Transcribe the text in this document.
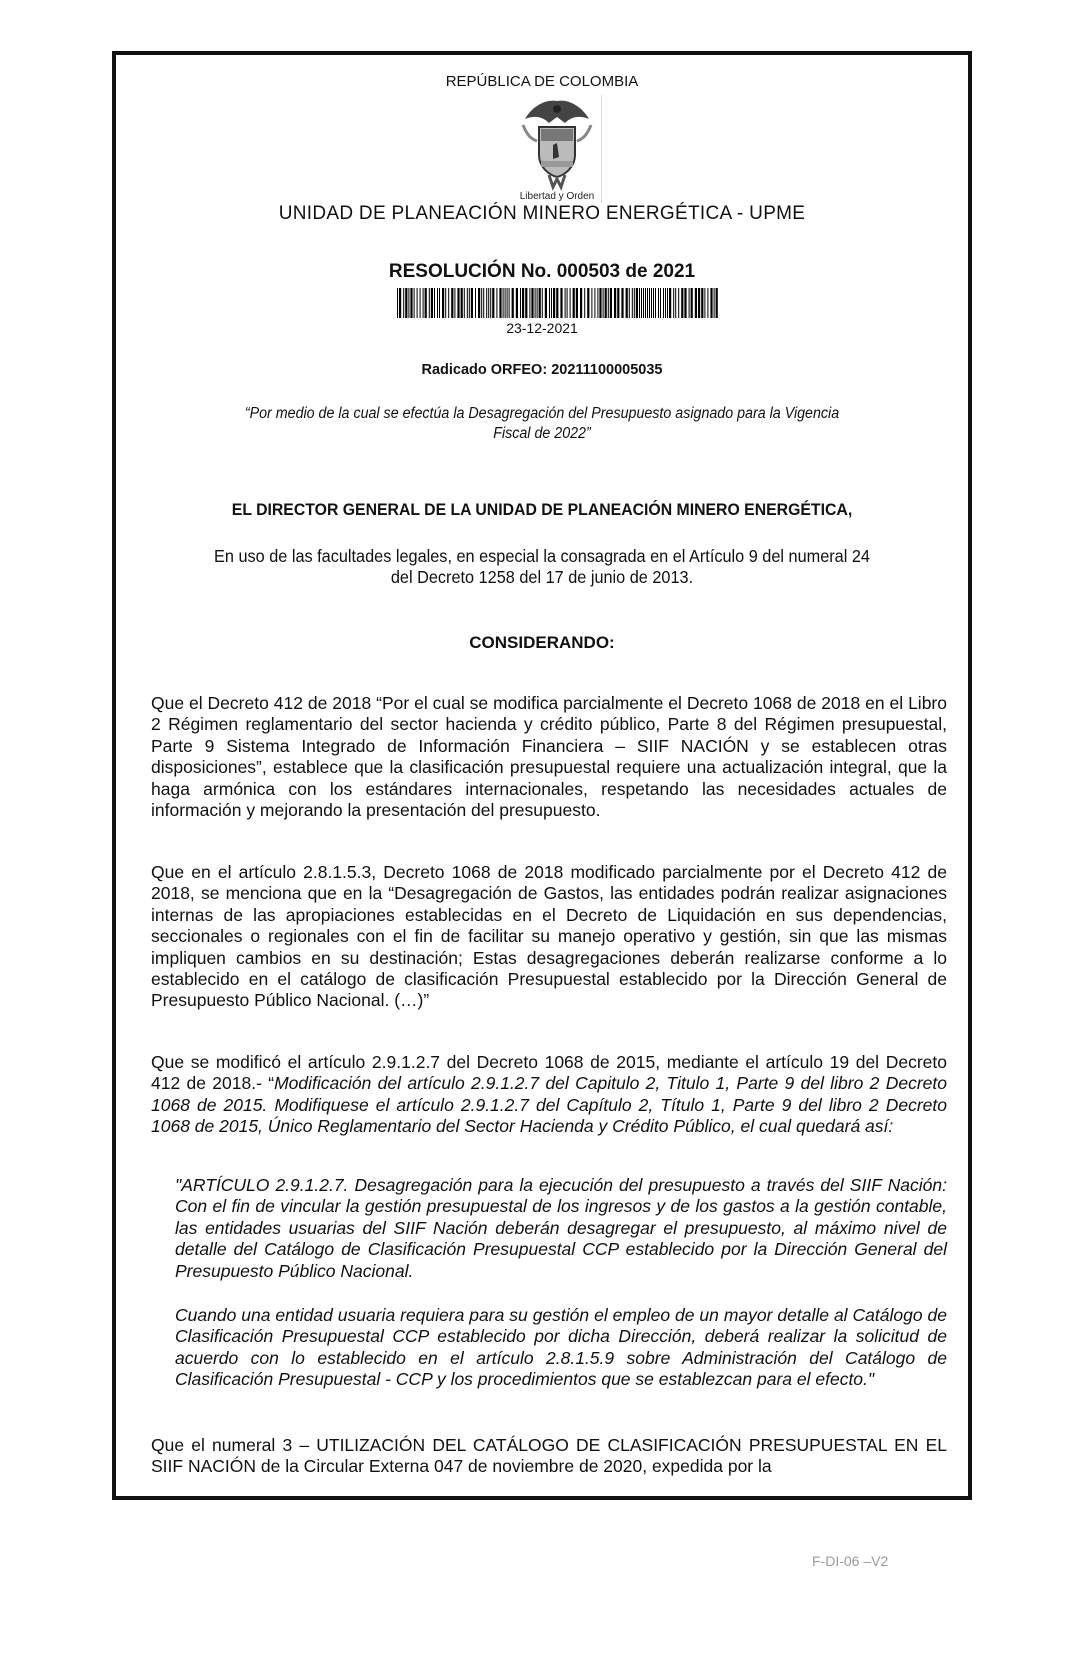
REPÚBLICA DE COLOMBIA
Libertad y Orden
UNIDAD DE PLANEACIÓN MINERO ENERGÉTICA - UPME
RESOLUCIÓN No. 000503 de 2021
23-12-2021
Radicado ORFEO: 20211100005035
“Por medio de la cual se efectúa la Desagregación del Presupuesto asignado para la Vigencia
Fiscal de 2022”
EL DIRECTOR GENERAL DE LA UNIDAD DE PLANEACIÓN MINERO ENERGÉTICA,
En uso de las facultades legales, en especial la consagrada en el Artículo 9 del numeral 24
del Decreto 1258 del 17 de junio de 2013.
CONSIDERANDO:
Que el Decreto 412 de 2018 “Por el cual se modifica parcialmente el Decreto 1068 de 2018 en el Libro 2 Régimen reglamentario del sector hacienda y crédito público, Parte 8 del Régimen presupuestal, Parte 9 Sistema Integrado de Información Financiera – SIIF NACIÓN y se establecen otras disposiciones”, establece que la clasificación presupuestal requiere una actualización integral, que la haga armónica con los estándares internacionales, respetando las necesidades actuales de información y mejorando la presentación del presupuesto.
Que en el artículo 2.8.1.5.3, Decreto 1068 de 2018 modificado parcialmente por el Decreto 412 de 2018, se menciona que en la “Desagregación de Gastos, las entidades podrán realizar asignaciones internas de las apropiaciones establecidas en el Decreto de Liquidación en sus dependencias, seccionales o regionales con el fin de facilitar su manejo operativo y gestión, sin que las mismas impliquen cambios en su destinación; Estas desagregaciones deberán realizarse conforme a lo establecido en el catálogo de clasificación Presupuestal establecido por la Dirección General de Presupuesto Público Nacional. (…)”
Que se modificó el artículo 2.9.1.2.7 del Decreto 1068 de 2015, mediante el artículo 19 del Decreto 412 de 2018.- “Modificación del artículo 2.9.1.2.7 del Capitulo 2, Titulo 1, Parte 9 del libro 2 Decreto 1068 de 2015. Modifiquese el artículo 2.9.1.2.7 del Capítulo 2, Título 1, Parte 9 del libro 2 Decreto 1068 de 2015, Único Reglamentario del Sector Hacienda y Crédito Público, el cual quedará así:
"ARTÍCULO 2.9.1.2.7. Desagregación para la ejecución del presupuesto a través del SIIF Nación: Con el fin de vincular la gestión presupuestal de los ingresos y de los gastos a la gestión contable, las entidades usuarias del SIIF Nación deberán desagregar el presupuesto, al máximo nivel de detalle del Catálogo de Clasificación Presupuestal CCP establecido por la Dirección General del Presupuesto Público Nacional.
Cuando una entidad usuaria requiera para su gestión el empleo de un mayor detalle al Catálogo de Clasificación Presupuestal CCP establecido por dicha Dirección, deberá realizar la solicitud de acuerdo con lo establecido en el artículo 2.8.1.5.9 sobre Administración del Catálogo de Clasificación Presupuestal - CCP y los procedimientos que se establezcan para el efecto."
Que el numeral 3 – UTILIZACIÓN DEL CATÁLOGO DE CLASIFICACIÓN PRESUPUESTAL EN EL SIIF NACIÓN de la Circular Externa 047 de noviembre de 2020, expedida por la
F-DI-06 –V2
